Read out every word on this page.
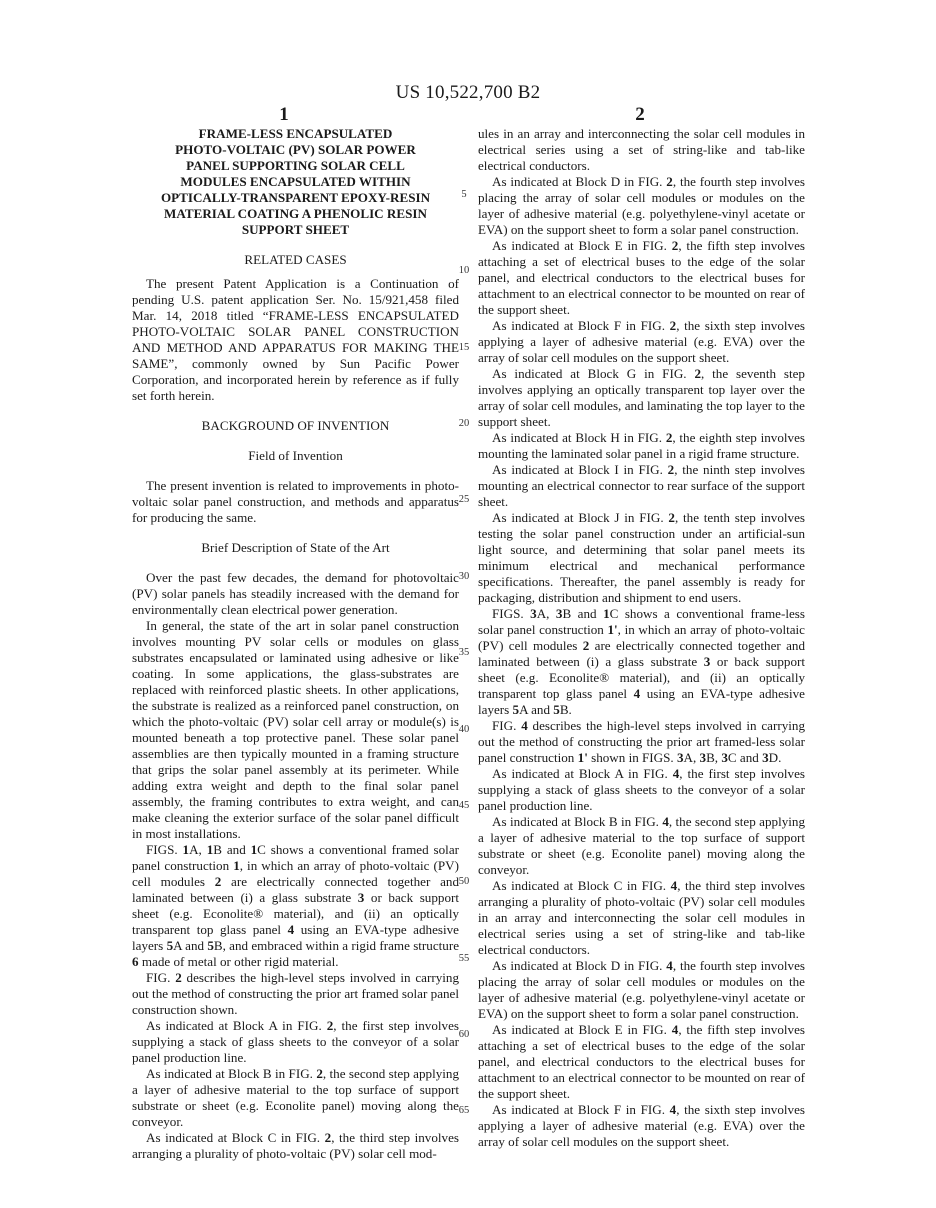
US 10,522,700 B2
1	2
FRAME-LESS ENCAPSULATED
PHOTO-VOLTAIC (PV) SOLAR POWER
PANEL SUPPORTING SOLAR CELL
MODULES ENCAPSULATED WITHIN
OPTICALLY-TRANSPARENT EPOXY-RESIN
MATERIAL COATING A PHENOLIC RESIN
SUPPORT SHEET
RELATED CASES

The present Patent Application is a Continuation of pending U.S. patent application Ser. No. 15/921,458 filed Mar. 14, 2018 titled “FRAME-LESS ENCAPSULATED PHOTO-VOLTAIC SOLAR PANEL CONSTRUCTION AND METHOD AND APPARATUS FOR MAKING THE SAME”, commonly owned by Sun Pacific Power Corporation, and incorporated herein by reference as if fully set forth herein.

BACKGROUND OF INVENTION
Field of Invention

The present invention is related to improvements in photo-voltaic solar panel construction, and methods and apparatus for producing the same.

Brief Description of State of the Art

Over the past few decades, the demand for photovoltaic (PV) solar panels has steadily increased with the demand for environmentally clean electrical power generation.

In general, the state of the art in solar panel construction involves mounting PV solar cells or modules on glass substrates encapsulated or laminated using adhesive or like coating. In some applications, the glass-substrates are replaced with reinforced plastic sheets. In other applications, the substrate is realized as a reinforced panel construction, on which the photo-voltaic (PV) solar cell array or module(s) is mounted beneath a top protective panel. These solar panel assemblies are then typically mounted in a framing structure that grips the solar panel assembly at its perimeter. While adding extra weight and depth to the final solar panel assembly, the framing contributes to extra weight, and can make cleaning the exterior surface of the solar panel difficult in most installations.

FIGS. 1A, 1B and 1C shows a conventional framed solar panel construction 1, in which an array of photo-voltaic (PV) cell modules 2 are electrically connected together and laminated between (i) a glass substrate 3 or back support sheet (e.g. Econolite® material), and (ii) an optically transparent top glass panel 4 using an EVA-type adhesive layers 5A and 5B, and embraced within a rigid frame structure 6 made of metal or other rigid material.

FIG. 2 describes the high-level steps involved in carrying out the method of constructing the prior art framed solar panel construction shown.

As indicated at Block A in FIG. 2, the first step involves supplying a stack of glass sheets to the conveyor of a solar panel production line.

As indicated at Block B in FIG. 2, the second step applying a layer of adhesive material to the top surface of support substrate or sheet (e.g. Econolite panel) moving along the conveyor.

As indicated at Block C in FIG. 2, the third step involves arranging a plurality of photo-voltaic (PV) solar cell mod-

5
10
15
20
25
30
35
40
45
50
55
60
65

ules in an array and interconnecting the solar cell modules in electrical series using a set of string-like and tab-like electrical conductors.

As indicated at Block D in FIG. 2, the fourth step involves placing the array of solar cell modules or modules on the layer of adhesive material (e.g. polyethylene-vinyl acetate or EVA) on the support sheet to form a solar panel construction.

As indicated at Block E in FIG. 2, the fifth step involves attaching a set of electrical buses to the edge of the solar panel, and electrical conductors to the electrical buses for attachment to an electrical connector to be mounted on rear of the support sheet.

As indicated at Block F in FIG. 2, the sixth step involves applying a layer of adhesive material (e.g. EVA) over the array of solar cell modules on the support sheet.

As indicated at Block G in FIG. 2, the seventh step involves applying an optically transparent top layer over the array of solar cell modules, and laminating the top layer to the support sheet.

As indicated at Block H in FIG. 2, the eighth step involves mounting the laminated solar panel in a rigid frame structure.

As indicated at Block I in FIG. 2, the ninth step involves mounting an electrical connector to rear surface of the support sheet.

As indicated at Block J in FIG. 2, the tenth step involves testing the solar panel construction under an artificial-sun light source, and determining that solar panel meets its minimum electrical and mechanical performance specifications. Thereafter, the panel assembly is ready for packaging, distribution and shipment to end users.

FIGS. 3A, 3B and 1C shows a conventional frame-less solar panel construction 1', in which an array of photo-voltaic (PV) cell modules 2 are electrically connected together and laminated between (i) a glass substrate 3 or back support sheet (e.g. Econolite® material), and (ii) an optically transparent top glass panel 4 using an EVA-type adhesive layers 5A and 5B.

FIG. 4 describes the high-level steps involved in carrying out the method of constructing the prior art framed-less solar panel construction 1' shown in FIGS. 3A, 3B, 3C and 3D.

As indicated at Block A in FIG. 4, the first step involves supplying a stack of glass sheets to the conveyor of a solar panel production line.

As indicated at Block B in FIG. 4, the second step applying a layer of adhesive material to the top surface of support substrate or sheet (e.g. Econolite panel) moving along the conveyor.

As indicated at Block C in FIG. 4, the third step involves arranging a plurality of photo-voltaic (PV) solar cell modules in an array and interconnecting the solar cell modules in electrical series using a set of string-like and tab-like electrical conductors.

As indicated at Block D in FIG. 4, the fourth step involves placing the array of solar cell modules or modules on the layer of adhesive material (e.g. polyethylene-vinyl acetate or EVA) on the support sheet to form a solar panel construction.

As indicated at Block E in FIG. 4, the fifth step involves attaching a set of electrical buses to the edge of the solar panel, and electrical conductors to the electrical buses for attachment to an electrical connector to be mounted on rear of the support sheet.

As indicated at Block F in FIG. 4, the sixth step involves applying a layer of adhesive material (e.g. EVA) over the array of solar cell modules on the support sheet.
